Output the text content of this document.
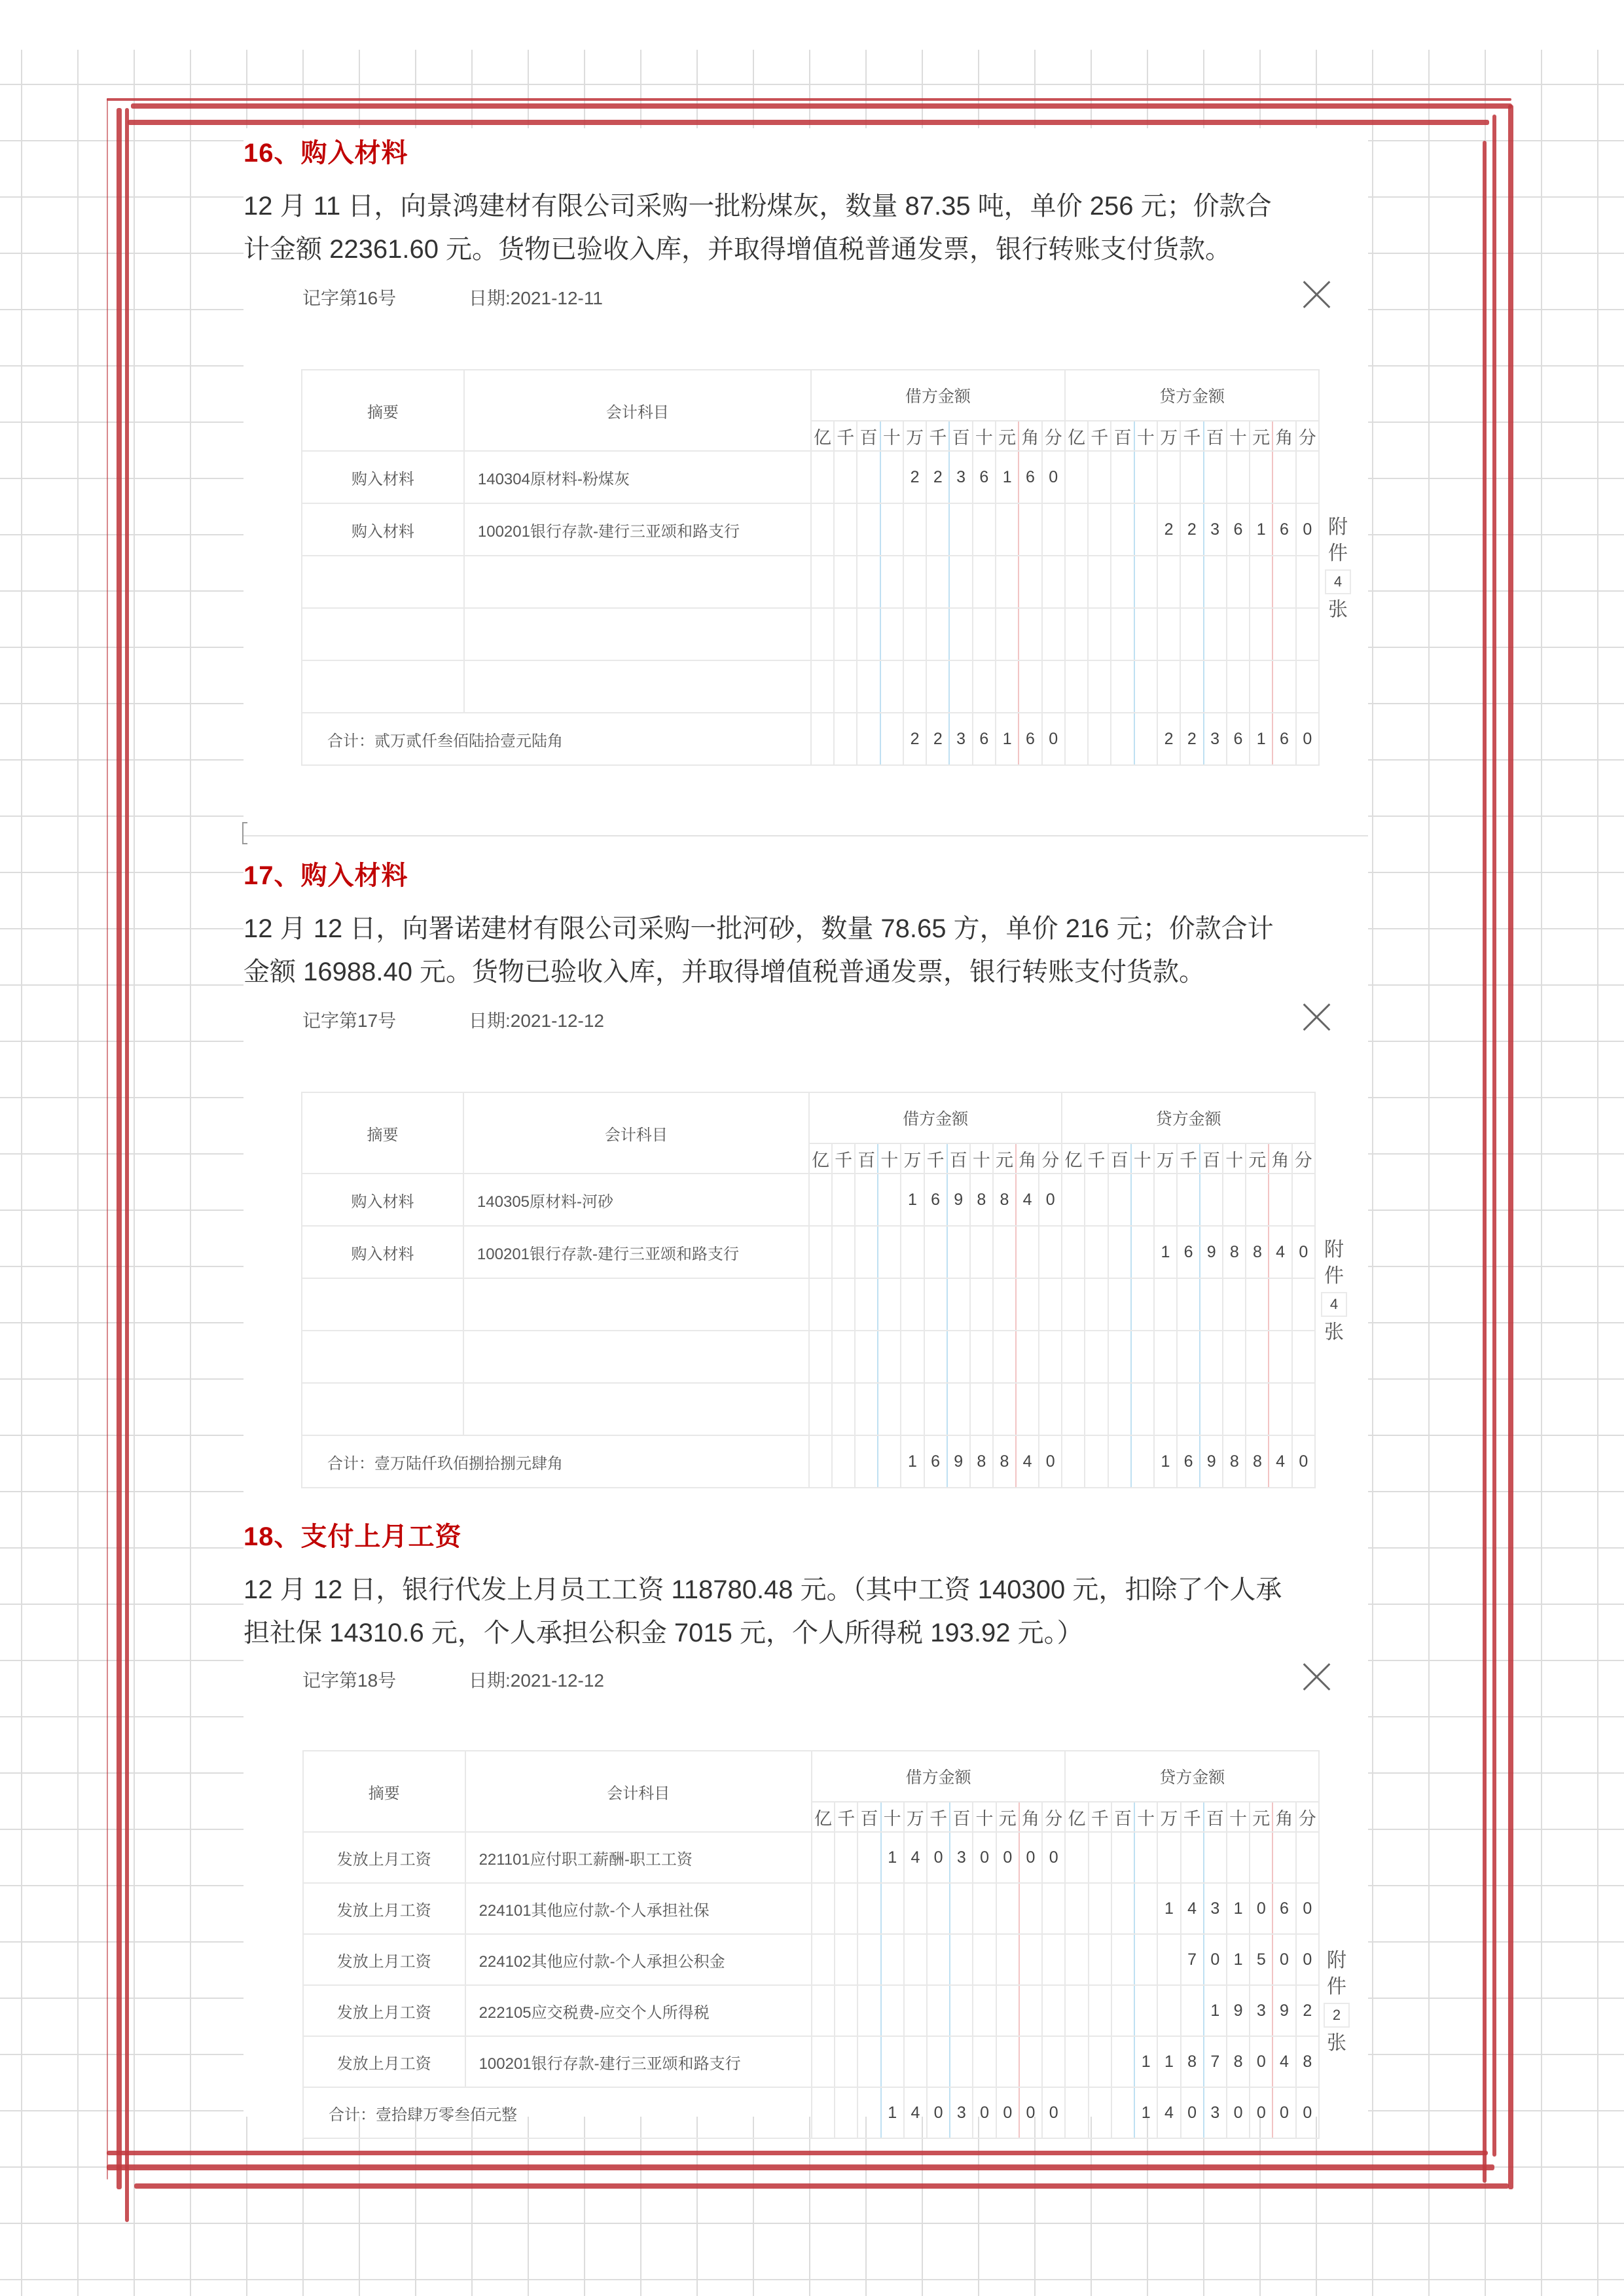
16、购入材料
12 月 11 日，向景鸿建材有限公司采购一批粉煤灰，数量 87.35 吨，单价 256 元；价款合
计金额 22361.60 元。货物已验收入库，并取得增值税普通发票，银行转账支付货款。
记字第16号	日期:2021-12-11
摘要	会计科目	借方金额											贷方金额										
		亿	千	百	十	万	千	百	十	元	角	分	亿	千	百	十	万	千	百	十	元	角	分
购入材料	140304原材料-粉煤灰					2	2	3	6	1	6	0											
购入材料	100201银行存款-建行三亚颂和路支行																2	2	3	6	1	6	0

合计：贰万贰仟叁佰陆拾壹元陆角						2	2	3	6	1	6	0					2	2	3	6	1	6	0
附
件
4
张
17、购入材料
12 月 12 日，向署诺建材有限公司采购一批河砂，数量 78.65 方，单价 216 元；价款合计
金额 16988.40 元。货物已验收入库，并取得增值税普通发票，银行转账支付货款。
记字第17号	日期:2021-12-12
摘要	会计科目	借方金额											贷方金额										
		亿	千	百	十	万	千	百	十	元	角	分	亿	千	百	十	万	千	百	十	元	角	分
购入材料	140305原材料-河砂					1	6	9	8	8	4	0											
购入材料	100201银行存款-建行三亚颂和路支行																1	6	9	8	8	4	0

合计：壹万陆仟玖佰捌拾捌元肆角						1	6	9	8	8	4	0					1	6	9	8	8	4	0
附
件
4
张
18、支付上月工资
12 月 12 日，银行代发上月员工工资 118780.48 元。（其中工资 140300 元，扣除了个人承
担社保 14310.6 元，个人承担公积金 7015 元，个人所得税 193.92 元。）
记字第18号	日期:2021-12-12
摘要	会计科目	借方金额											贷方金额										
		亿	千	百	十	万	千	百	十	元	角	分	亿	千	百	十	万	千	百	十	元	角	分
发放上月工资	221101应付职工薪酬-职工工资				1	4	0	3	0	0	0	0											
发放上月工资	224101其他应付款-个人承担社保																1	4	3	1	0	6	0
发放上月工资	224102其他应付款-个人承担公积金																	7	0	1	5	0	0
发放上月工资	222105应交税费-应交个人所得税																		1	9	3	9	2
发放上月工资	100201银行存款-建行三亚颂和路支行															1	1	8	7	8	0	4	8
合计：壹拾肆万零叁佰元整					1	4	0	3	0	0	0	0				1	4	0	3	0	0	0	0
附
件
2
张
